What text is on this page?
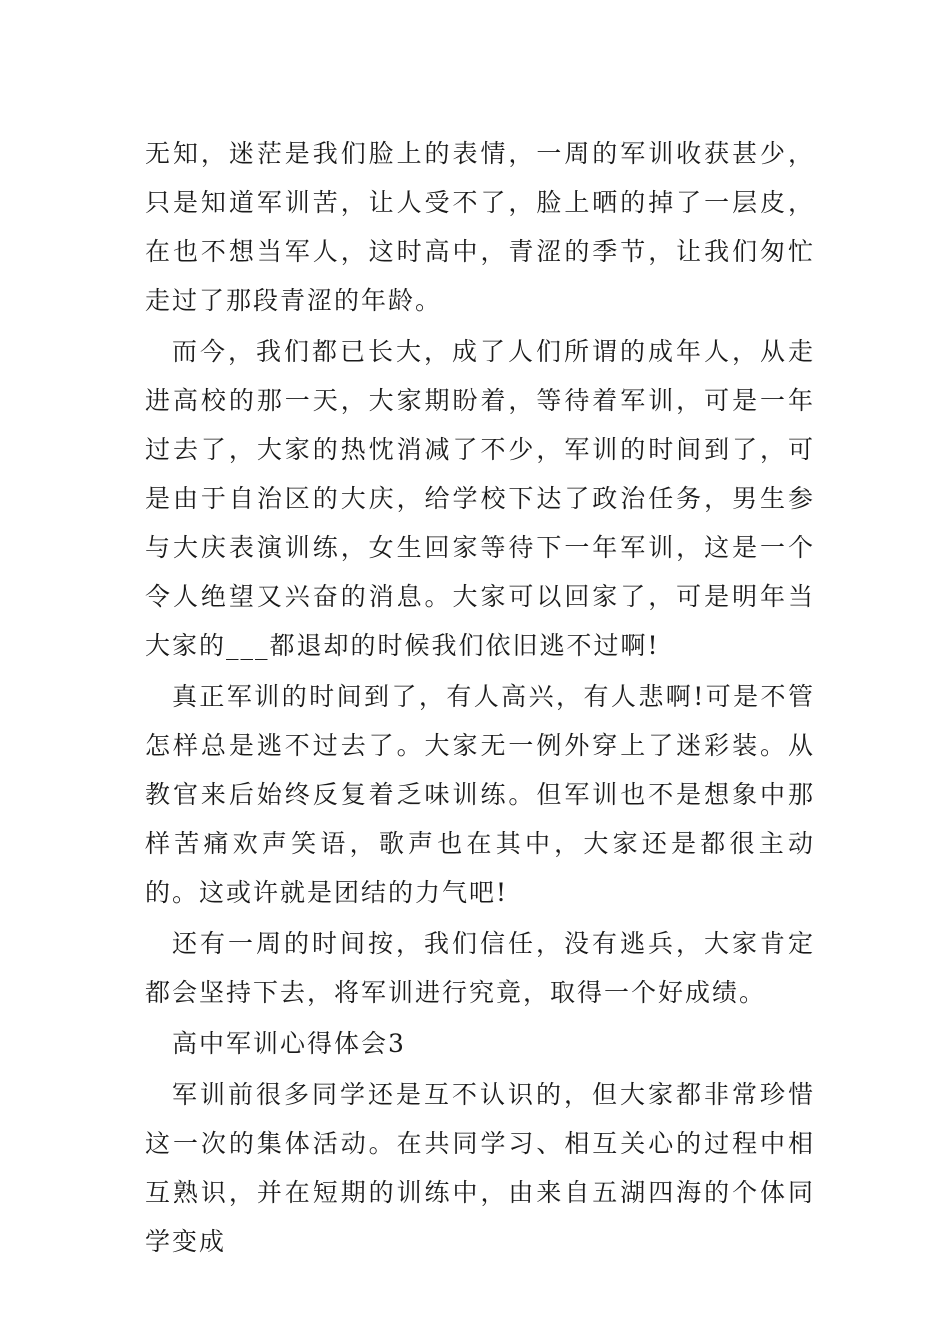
无知，迷茫是我们脸上的表情，一周的军训收获甚少，只是知道军训苦，让人受不了，脸上晒的掉了一层皮，在也不想当军人，这时高中，青涩的季节，让我们匆忙走过了那段青涩的年龄。

而今，我们都已长大，成了人们所谓的成年人，从走进高校的那一天，大家期盼着，等待着军训，可是一年过去了，大家的热忱消减了不少，军训的时间到了，可是由于自治区的大庆，给学校下达了政治任务，男生参与大庆表演训练，女生回家等待下一年军训，这是一个令人绝望又兴奋的消息。大家可以回家了，可是明年当大家的___都退却的时候我们依旧逃不过啊!

真正军训的时间到了，有人高兴，有人悲啊!可是不管怎样总是逃不过去了。大家无一例外穿上了迷彩装。从教官来后始终反复着乏味训练。但军训也不是想象中那样苦痛欢声笑语，歌声也在其中，大家还是都很主动的。这或许就是团结的力气吧!

还有一周的时间按，我们信任，没有逃兵，大家肯定都会坚持下去，将军训进行究竟，取得一个好成绩。

高中军训心得体会3

军训前很多同学还是互不认识的，但大家都非常珍惜这一次的集体活动。在共同学习、相互关心的过程中相互熟识，并在短期的训练中，由来自五湖四海的个体同学变成
